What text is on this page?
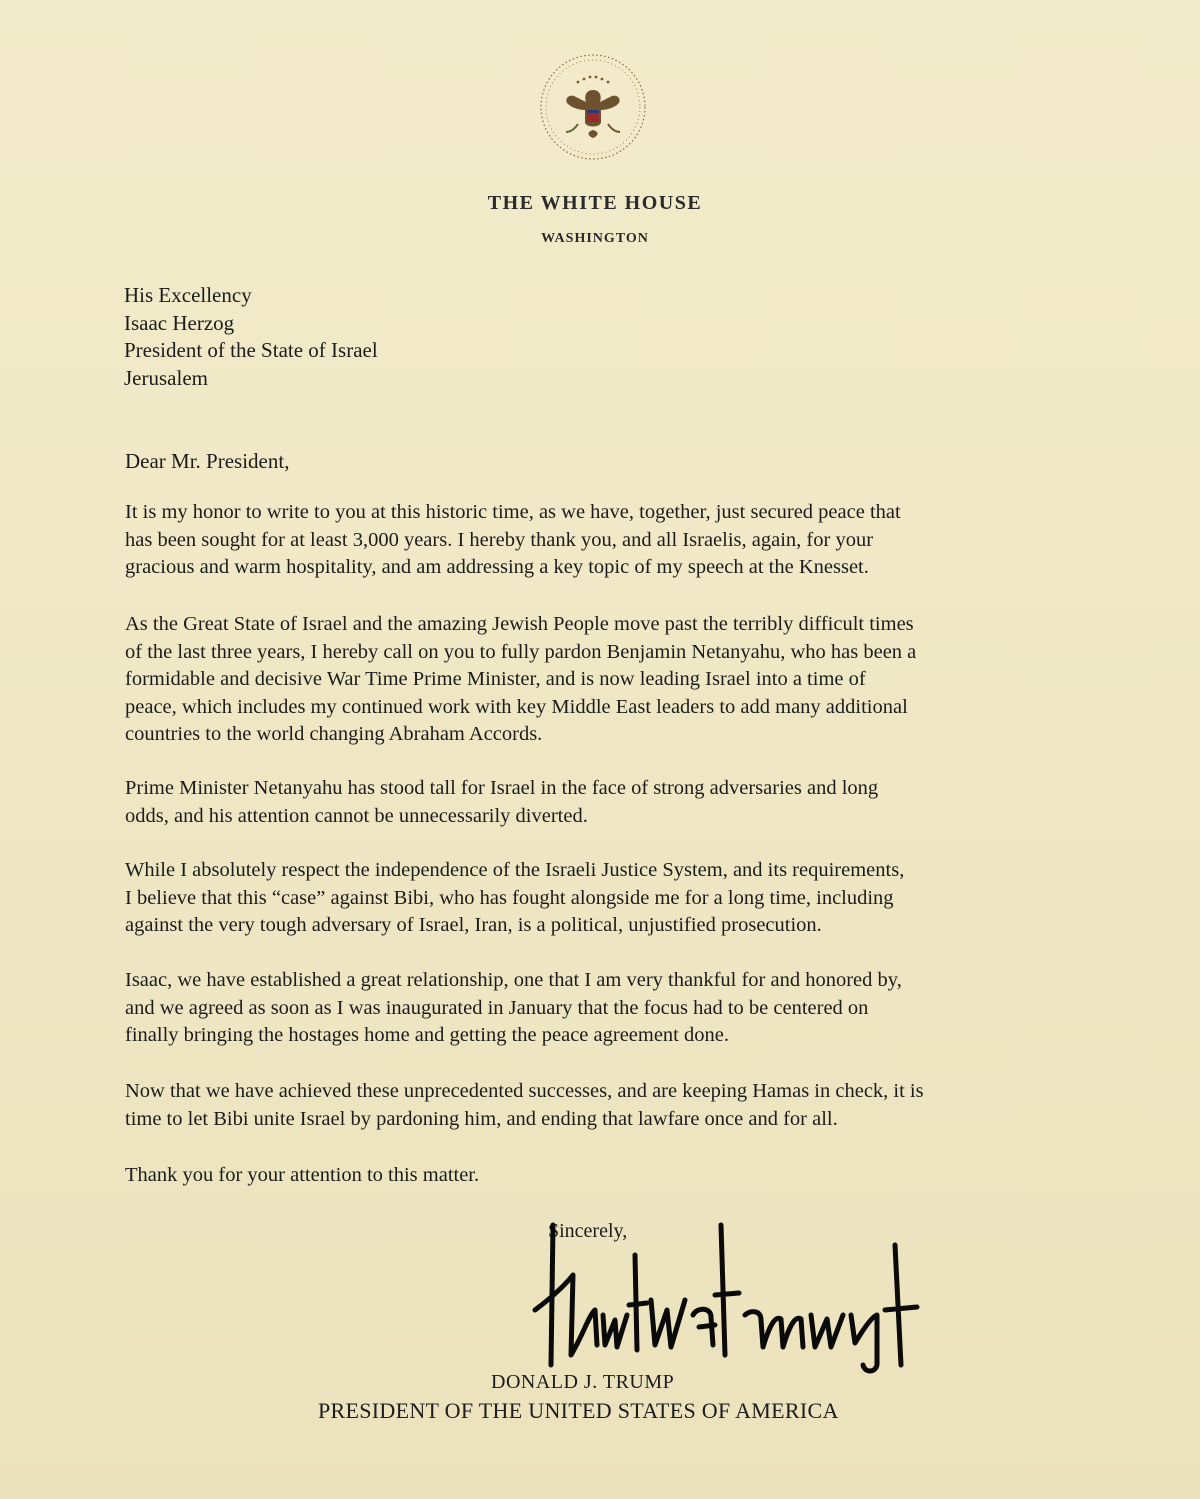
THE WHITE HOUSE
WASHINGTON
His Excellency
Isaac Herzog
President of the State of Israel
Jerusalem
Dear Mr. President,

It is my honor to write to you at this historic time, as we have, together, just secured peace that
has been sought for at least 3,000 years. I hereby thank you, and all Israelis, again, for your
gracious and warm hospitality, and am addressing a key topic of my speech at the Knesset.

As the Great State of Israel and the amazing Jewish People move past the terribly difficult times
of the last three years, I hereby call on you to fully pardon Benjamin Netanyahu, who has been a
formidable and decisive War Time Prime Minister, and is now leading Israel into a time of
peace, which includes my continued work with key Middle East leaders to add many additional
countries to the world changing Abraham Accords.

Prime Minister Netanyahu has stood tall for Israel in the face of strong adversaries and long
odds, and his attention cannot be unnecessarily diverted.

While I absolutely respect the independence of the Israeli Justice System, and its requirements,
I believe that this “case” against Bibi, who has fought alongside me for a long time, including
against the very tough adversary of Israel, Iran, is a political, unjustified prosecution.

Isaac, we have established a great relationship, one that I am very thankful for and honored by,
and we agreed as soon as I was inaugurated in January that the focus had to be centered on
finally bringing the hostages home and getting the peace agreement done.

Now that we have achieved these unprecedented successes, and are keeping Hamas in check, it is
time to let Bibi unite Israel by pardoning him, and ending that lawfare once and for all.

Thank you for your attention to this matter.

Sincerely,
DONALD J. TRUMP
PRESIDENT OF THE UNITED STATES OF AMERICA
